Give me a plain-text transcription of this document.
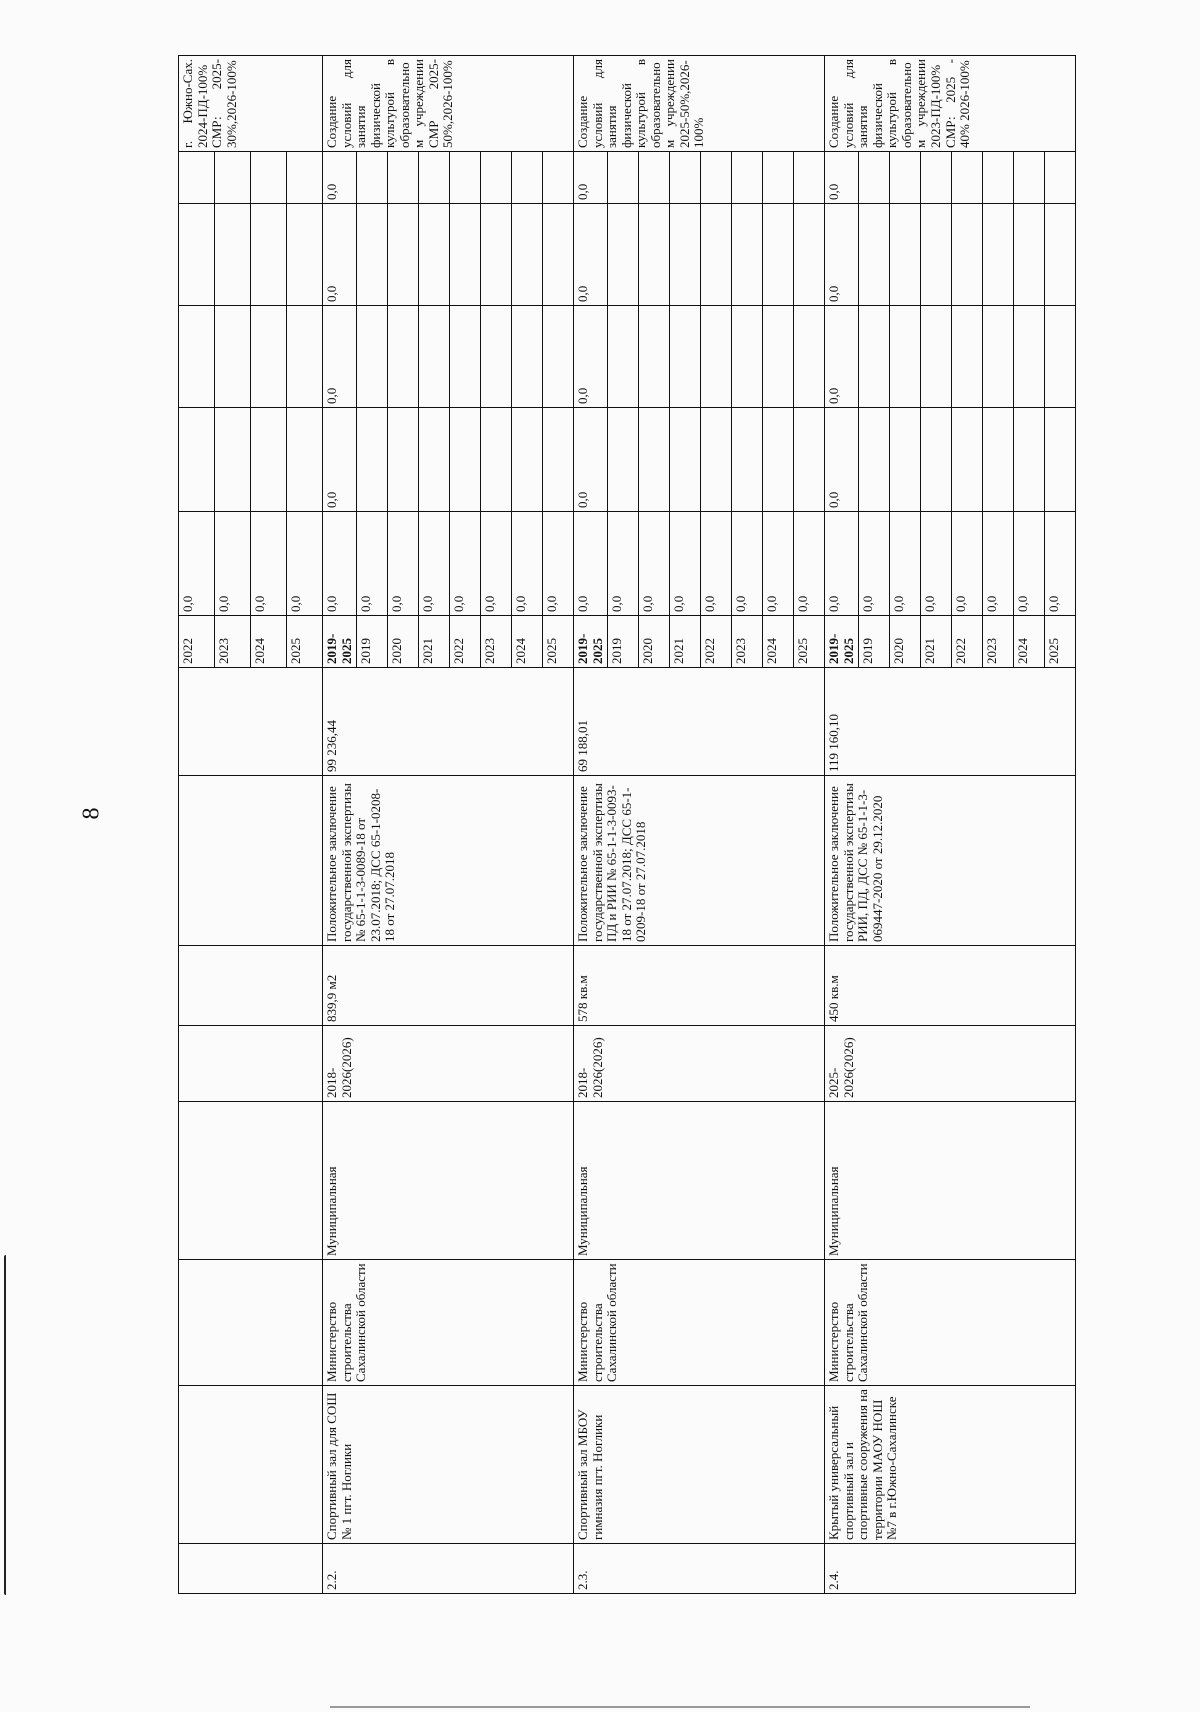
8
								2022	0,0					г. Южно-Сах. 2024-ПД-100% СМР: 2025-30%,2026-100%
								2023	0,0					
								2024	0,0					
								2025	0,0					
2.2.	Спортивный зал для СОШ № 1 пгт. Ноглики	Министерство строительства Сахалинской области	Муниципальная	2018-2026(2026)	839,9 м2	Положительное заключение государственной экспертизы № 65-1-1-3-0089-18 от 23.07.2018; ДСС 65-1-0208-18 от 27.07.2018	99 236,44	2019-2025	0,0	0,0	0,0	0,0	0,0	Создание условий для занятия физической культурой в образовательном учреждении СМР 2025-50%,2026-100%
								2019	0,0					
								2020	0,0					
								2021	0,0					
								2022	0,0					
								2023	0,0					
								2024	0,0					
								2025	0,0					
2.3.	Спортивный зал МБОУ гимназия пгт. Ноглики	Министерство строительства Сахалинской области	Муниципальная	2018-2026(2026)	578 кв.м	Положительное заключение государственной экспертизы ПД и РИИ № 65-1-1-3-0093-18 от 27.07.2018; ДСС 65-1-0209-18 от 27.07.2018	69 188,01	2019-2025	0,0	0,0	0,0	0,0	0,0	Создание условий для занятия физической культурой в образовательном учреждении 2025-50%,2026-100%
								2019	0,0					
								2020	0,0					
								2021	0,0					
								2022	0,0					
								2023	0,0					
								2024	0,0					
								2025	0,0					
2.4.	Крытый универсальный спортивный зал и спортивные сооружения на территории МАОУ НОШ №7 в г.Южно-Сахалинске	Министерство строительства Сахалинской области	Муниципальная	2025-2026(2026)	450 кв.м	Положительное заключение государственной экспертизы РИИ, ПД, ДСС № 65-1-1-3-069447-2020 от 29.12.2020	119 160,10	2019-2025	0,0	0,0	0,0	0,0	0,0	Создание условий для занятия физической культурой в образовательном учреждении 2023-ПД-100% СМР: 2025 - 40% 2026-100%
								2019	0,0					
								2020	0,0					
								2021	0,0					
								2022	0,0					
								2023	0,0					
								2024	0,0					
								2025	0,0					
